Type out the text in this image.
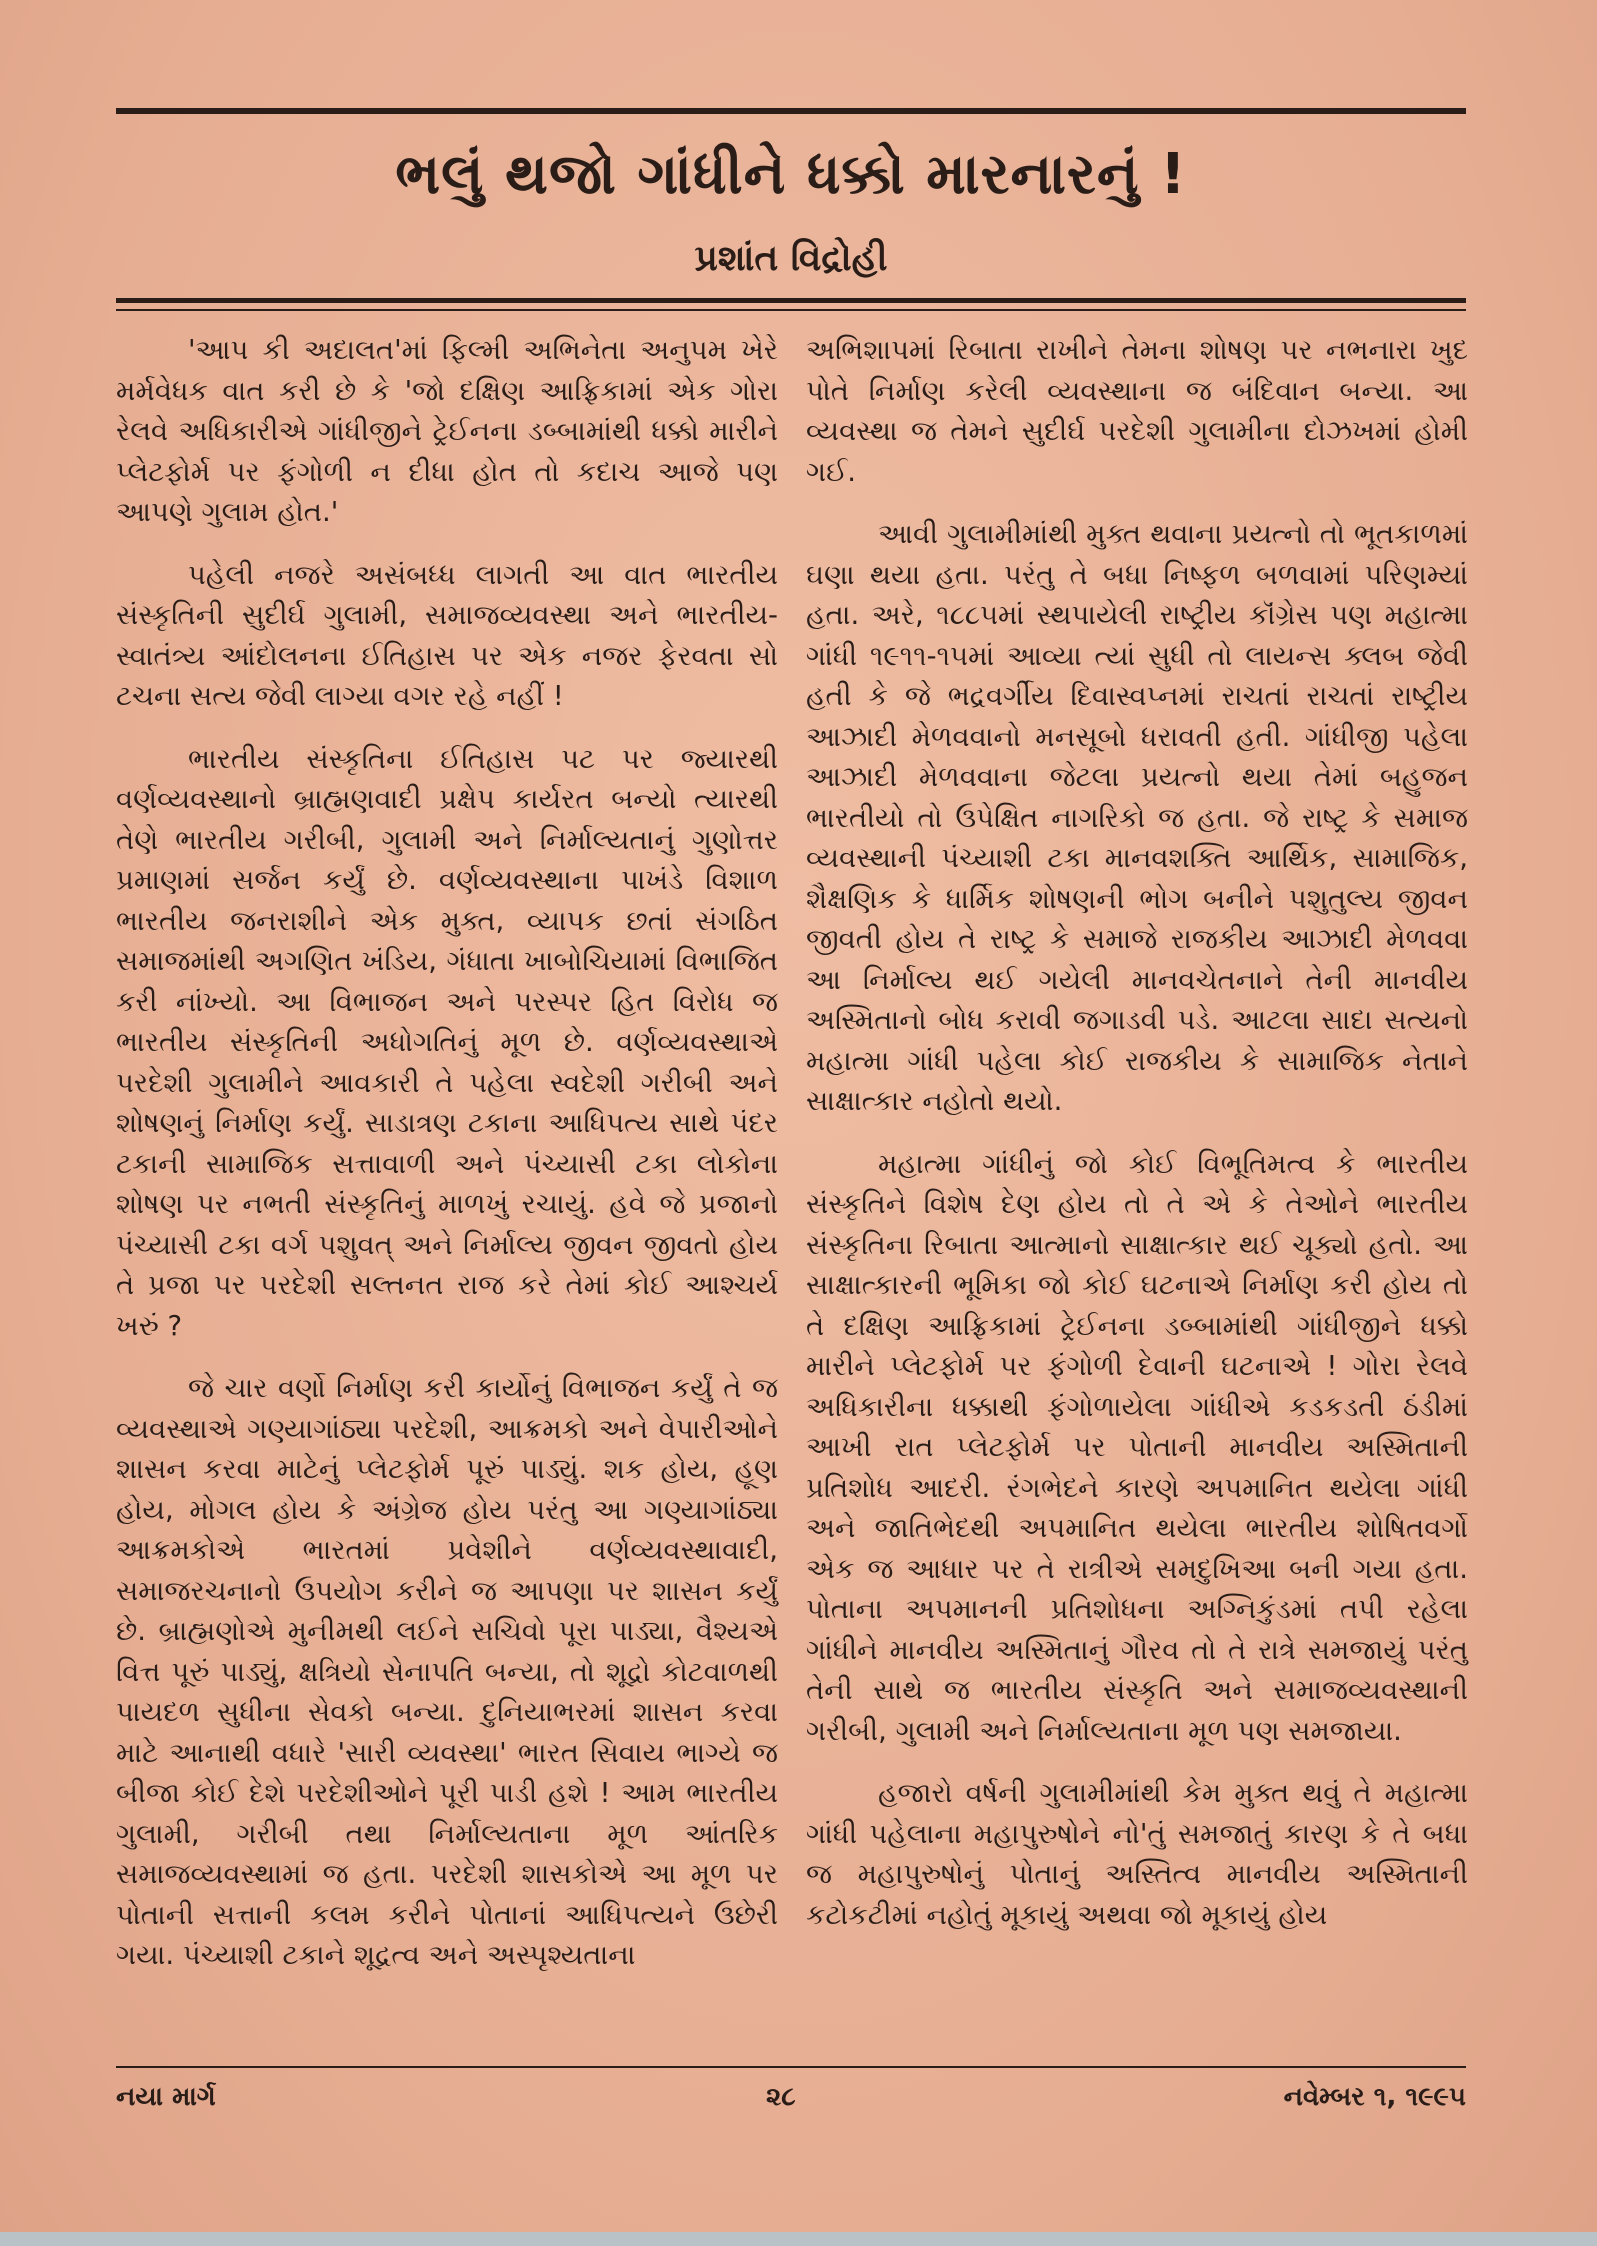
ભલું થજો ગાંધીને ધક્કો મારનારનું !
પ્રશાંત વિદ્રોહી

'આપ કી અદાલત'માં ફિલ્મી અભિનેતા અનુપમ ખેરે મર્મવેધક વાત કરી છે કે 'જો દક્ષિણ આફ્રિકામાં એક ગોરા રેલવે અધિકારીએ ગાંધીજીને ટ્રેઈનના ડબ્બામાંથી ધક્કો મારીને પ્લેટફોર્મ પર ફંગોળી ન દીધા હોત તો કદાચ આજે પણ આપણે ગુલામ હોત.'

પહેલી નજરે અસંબધ્ધ લાગતી આ વાત ભારતીય સંસ્કૃતિની સુદીર્ઘ ગુલામી, સમાજવ્યવસ્થા અને ભારતીય-સ્વાતંત્ર્ય આંદોલનના ઈતિહાસ પર એક નજર ફેરવતા સો ટચના સત્ય જેવી લાગ્યા વગર રહે નહીં !

ભારતીય સંસ્કૃતિના ઈતિહાસ પટ પર જ્યારથી વર્ણવ્યવસ્થાનો બ્રાહ્મણવાદી પ્રક્ષેપ કાર્યરત બન્યો ત્યારથી તેણે ભારતીય ગરીબી, ગુલામી અને નિર્માલ્યતાનું ગુણોત્તર પ્રમાણમાં સર્જન કર્યું છે. વર્ણવ્યવસ્થાના પાખંડે વિશાળ ભારતીય જનરાશીને એક મુક્ત, વ્યાપક છતાં સંગઠિત સમાજમાંથી અગણિત ખંડિય, ગંધાતા ખાબોચિયામાં વિભાજિત કરી નાંખ્યો. આ વિભાજન અને પરસ્પર હિત વિરોધ જ ભારતીય સંસ્કૃતિની અધોગતિનું મૂળ છે. વર્ણવ્યવસ્થાએ પરદેશી ગુલામીને આવકારી તે પહેલા સ્વદેશી ગરીબી અને શોષણનું નિર્માણ કર્યું. સાડાત્રણ ટકાના આધિપત્ય સાથે પંદર ટકાની સામાજિક સત્તાવાળી અને પંચ્યાસી ટકા લોકોના શોષણ પર નભતી સંસ્કૃતિનું માળખું રચાયું. હવે જે પ્રજાનો પંચ્યાસી ટકા વર્ગ પશુવત્ અને નિર્માલ્ય જીવન જીવતો હોય તે પ્રજા પર પરદેશી સલ્તનત રાજ કરે તેમાં કોઈ આશ્ચર્ય ખરું ?

જે ચાર વર્ણો નિર્માણ કરી કાર્યોનું વિભાજન કર્યું તે જ વ્યવસ્થાએ ગણ્યાગાંઠ્યા પરદેશી, આક્રમકો અને વેપારીઓને શાસન કરવા માટેનું પ્લેટફોર્મ પૂરું પાડ્યું. શક હોય, હૂણ હોય, મોગલ હોય કે અંગ્રેજ હોય પરંતુ આ ગણ્યાગાંઠ્યા આક્રમકોએ ભારતમાં પ્રવેશીને વર્ણવ્યવસ્થાવાદી, સમાજરચનાનો ઉપયોગ કરીને જ આપણા પર શાસન કર્યું છે. બ્રાહ્મણોએ મુનીમથી લઈને સચિવો પૂરા પાડ્યા, વૈશ્યએ વિત્ત પૂરું પાડ્યું, ક્ષત્રિયો સેનાપતિ બન્યા, તો શૂદ્રો કોટવાળથી પાયદળ સુધીના સેવકો બન્યા. દુનિયાભરમાં શાસન કરવા માટે આનાથી વધારે 'સારી વ્યવસ્થા' ભારત સિવાય ભાગ્યે જ બીજા કોઈ દેશે પરદેશીઓને પૂરી પાડી હશે ! આમ ભારતીય ગુલામી, ગરીબી તથા નિર્માલ્યતાના મૂળ આંતરિક સમાજવ્યવસ્થામાં જ હતા. પરદેશી શાસકોએ આ મૂળ પર પોતાની સત્તાની કલમ કરીને પોતાનાં આધિપત્યને ઉછેરી ગયા. પંચ્યાશી ટકાને શૂદ્રત્વ અને અસ્પૃશ્યતાના

અભિશાપમાં રિબાતા રાખીને તેમના શોષણ પર નભનારા ખુદ પોતે નિર્માણ કરેલી વ્યવસ્થાના જ બંદિવાન બન્યા. આ વ્યવસ્થા જ તેમને સુદીર્ઘ પરદેશી ગુલામીના દોઝખમાં હોમી ગઈ.

આવી ગુલામીમાંથી મુક્ત થવાના પ્રયત્નો તો ભૂતકાળમાં ઘણા થયા હતા. પરંતુ તે બધા નિષ્ફળ બળવામાં પરિણમ્યાં હતા. અરે, ૧૮૮૫માં સ્થપાયેલી રાષ્ટ્રીય કૉંગ્રેસ પણ મહાત્મા ગાંધી ૧૯૧૧-૧૫માં આવ્યા ત્યાં સુધી તો લાયન્સ ક્લબ જેવી હતી કે જે ભદ્રવર્ગીય દિવાસ્વપ્નમાં રાચતાં રાચતાં રાષ્ટ્રીય આઝાદી મેળવવાનો મનસૂબો ધરાવતી હતી. ગાંધીજી પહેલા આઝાદી મેળવવાના જેટલા પ્રયત્નો થયા તેમાં બહુજન ભારતીયો તો ઉપેક્ષિત નાગરિકો જ હતા. જે રાષ્ટ્ર કે સમાજ વ્યવસ્થાની પંચ્યાશી ટકા માનવશક્તિ આર્થિક, સામાજિક, શૈક્ષણિક કે ધાર્મિક શોષણની ભોગ બનીને પશુતુલ્ય જીવન જીવતી હોય તે રાષ્ટ્ર કે સમાજે રાજકીય આઝાદી મેળવવા આ નિર્માલ્ય થઈ ગયેલી માનવચેતનાને તેની માનવીય અસ્મિતાનો બોધ કરાવી જગાડવી પડે. આટલા સાદા સત્યનો મહાત્મા ગાંધી પહેલા કોઈ રાજકીય કે સામાજિક નેતાને સાક્ષાત્કાર નહોતો થયો.

મહાત્મા ગાંધીનું જો કોઈ વિભૂતિમત્વ કે ભારતીય સંસ્કૃતિને વિશેષ દેણ હોય તો તે એ કે તેઓને ભારતીય સંસ્કૃતિના રિબાતા આત્માનો સાક્ષાત્કાર થઈ ચૂક્યો હતો. આ સાક્ષાત્કારની ભૂમિકા જો કોઈ ઘટનાએ નિર્માણ કરી હોય તો તે દક્ષિણ આફ્રિકામાં ટ્રેઈનના ડબ્બામાંથી ગાંધીજીને ધક્કો મારીને પ્લેટફોર્મ પર ફંગોળી દેવાની ઘટનાએ ! ગોરા રેલવે અધિકારીના ધક્કાથી ફંગોળાયેલા ગાંધીએ કડકડતી ઠંડીમાં આખી રાત પ્લેટફોર્મ પર પોતાની માનવીય અસ્મિતાની પ્રતિશોધ આદરી. રંગભેદને કારણે અપમાનિત થયેલા ગાંધી અને જાતિભેદથી અપમાનિત થયેલા ભારતીય શોષિતવર્ગો એક જ આધાર પર તે રાત્રીએ સમદુખિઆ બની ગયા હતા. પોતાના અપમાનની પ્રતિશોધના અગ્નિકુંડમાં તપી રહેલા ગાંધીને માનવીય અસ્મિતાનું ગૌરવ તો તે રાત્રે સમજાયું પરંતુ તેની સાથે જ ભારતીય સંસ્કૃતિ અને સમાજવ્યવસ્થાની ગરીબી, ગુલામી અને નિર્માલ્યતાના મૂળ પણ સમજાયા.

હજારો વર્ષની ગુલામીમાંથી કેમ મુક્ત થવું તે મહાત્મા ગાંધી પહેલાના મહાપુરુષોને નો'તું સમજાતું કારણ કે તે બધા જ મહાપુરુષોનું પોતાનું અસ્તિત્વ માનવીય અસ્મિતાની કટોકટીમાં નહોતું મૂકાયું અથવા જો મૂકાયું હોય

નયા માર્ગ	૨૮	નવેમ્બર ૧, ૧૯૯૫
